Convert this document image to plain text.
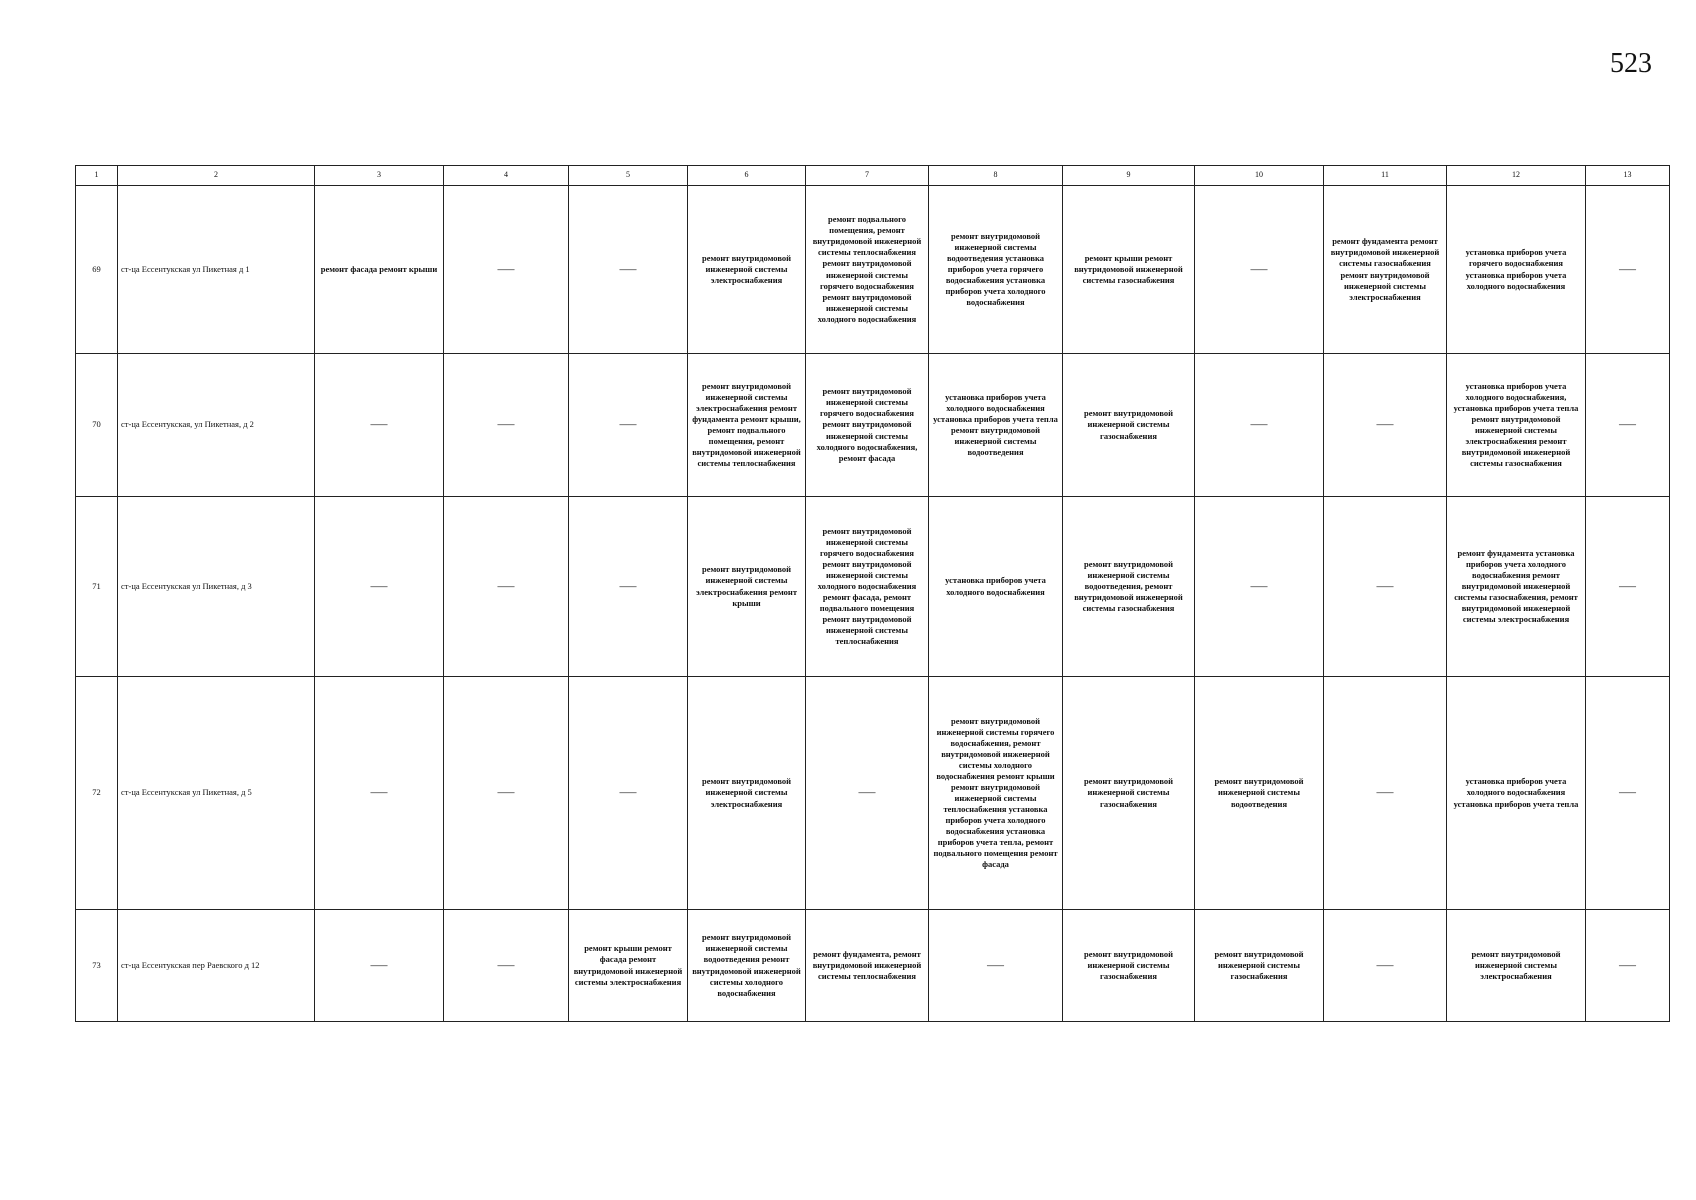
523
1	2	3	4	5	6	7	8	9	10	11	12	13
69	ст-ца Ессентукская ул Пикетная д 1	ремонт фасада ремонт крыши	——	——	ремонт внутридомовой инженерной системы электроснабжения	ремонт подвального помещения, ремонт внутридомовой инженерной системы теплоснабжения ремонт внутридомовой инженерной системы горячего водоснабжения ремонт внутридомовой инженерной системы холодного водоснабжения	ремонт внутридомовой инженерной системы водоотведения установка приборов учета горячего водоснабжения установка приборов учета холодного водоснабжения	ремонт крыши ремонт внутридомовой инженерной системы газоснабжения	——	ремонт фундамента ремонт внутридомовой инженерной системы газоснабжения ремонт внутридомовой инженерной системы электроснабжения	установка приборов учета горячего водоснабжения установка приборов учета холодного водоснабжения	——
70	ст-ца Ессентукская, ул Пикетная, д 2	——	——	——	ремонт внутридомовой инженерной системы электроснабжения ремонт фундамента ремонт крыши, ремонт подвального помещения, ремонт внутридомовой инженерной системы теплоснабжения	ремонт внутридомовой инженерной системы горячего водоснабжения ремонт внутридомовой инженерной системы холодного водоснабжения, ремонт фасада	установка приборов учета холодного водоснабжения установка приборов учета тепла ремонт внутридомовой инженерной системы водоотведения	ремонт внутридомовой инженерной системы газоснабжения	——	——	установка приборов учета холодного водоснабжения, установка приборов учета тепла ремонт внутридомовой инженерной системы электроснабжения ремонт внутридомовой инженерной системы газоснабжения	——
71	ст-ца Ессентукская ул Пикетная, д 3	——	——	——	ремонт внутридомовой инженерной системы электроснабжения ремонт крыши	ремонт внутридомовой инженерной системы горячего водоснабжения ремонт внутридомовой инженерной системы холодного водоснабжения ремонт фасада, ремонт подвального помещения ремонт внутридомовой инженерной системы теплоснабжения	установка приборов учета холодного водоснабжения	ремонт внутридомовой инженерной системы водоотведения, ремонт внутридомовой инженерной системы газоснабжения	——	——	ремонт фундамента установка приборов учета холодного водоснабжения ремонт внутридомовой инженерной системы газоснабжения, ремонт внутридомовой инженерной системы электроснабжения	——
72	ст-ца Ессентукская ул Пикетная, д 5	——	——	——	ремонт внутридомовой инженерной системы электроснабжения	——	ремонт внутридомовой инженерной системы горячего водоснабжения, ремонт внутридомовой инженерной системы холодного водоснабжения ремонт крыши ремонт внутридомовой инженерной системы теплоснабжения установка приборов учета холодного водоснабжения установка приборов учета тепла, ремонт подвального помещения ремонт фасада	ремонт внутридомовой инженерной системы газоснабжения	ремонт внутридомовой инженерной системы водоотведения	——	установка приборов учета холодного водоснабжения установка приборов учета тепла	——
73	ст-ца Ессентукская пер Раевского д 12	——	——	ремонт крыши ремонт фасада ремонт внутридомовой инженерной системы электроснабжения	ремонт внутридомовой инженерной системы водоотведения ремонт внутридомовой инженерной системы холодного водоснабжения	ремонт фундамента, ремонт внутридомовой инженерной системы теплоснабжения	——	ремонт внутридомовой инженерной системы газоснабжения	ремонт внутридомовой инженерной системы газоснабжения	——	ремонт внутридомовой инженерной системы электроснабжения	——
